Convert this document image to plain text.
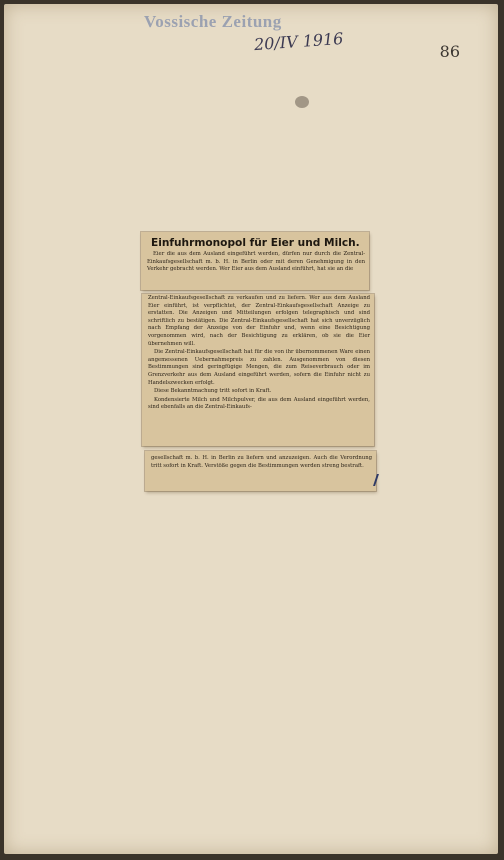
Vossische Zeitung
20/IV 1916	86
Einfuhrmonopol für Eier und Milch.

Eier die aus dem Ausland eingeführt werden, dürfen nur durch die Zentral-Einkaufsgesellschaft m. b. H. in Berlin oder mit deren Genehmigung in den Verkehr gebracht werden. Wer Eier aus dem Ausland einführt, hat sie an die

Zentral-Einkaufsgesellschaft zu verkaufen und zu liefern. Wer aus dem Ausland Eier einführt, ist verpflichtet, der Zentral-Einkaufsgesellschaft Anzeige zu erstatten. Die Anzeigen und Mitteilungen erfolgen telegraphisch und sind schriftlich zu bestätigen. Die Zentral-Einkaufsgesellschaft hat sich unverzüglich nach Empfang der Anzeige von der Einfuhr und, wenn eine Besichtigung vorgenommen wird, nach der Besichtigung zu erklären, ob sie die Eier übernehmen will.

Die Zentral-Einkaufsgesellschaft hat für die von ihr übernommenen Ware einen angemessenen Uebernahmepreis zu zahlen. Ausgenommen von diesen Bestimmungen sind geringfügige Mengen, die zum Reiseverbrauch oder im Grenzverkehr aus dem Ausland eingeführt werden, sofern die Einfuhr nicht zu Handelszwecken erfolgt.

Diese Bekanntmachung tritt sofort in Kraft.

Kondensierte Milch und Milchpulver, die aus dem Ausland eingeführt werden, sind ebenfalls an die Zentral-Einkaufs-

gesellschaft m. b. H. in Berlin zu liefern und anzuzeigen. Auch die Verordnung tritt sofort in Kraft. Verstöße gegen die Bestimmungen werden streng bestraft.
